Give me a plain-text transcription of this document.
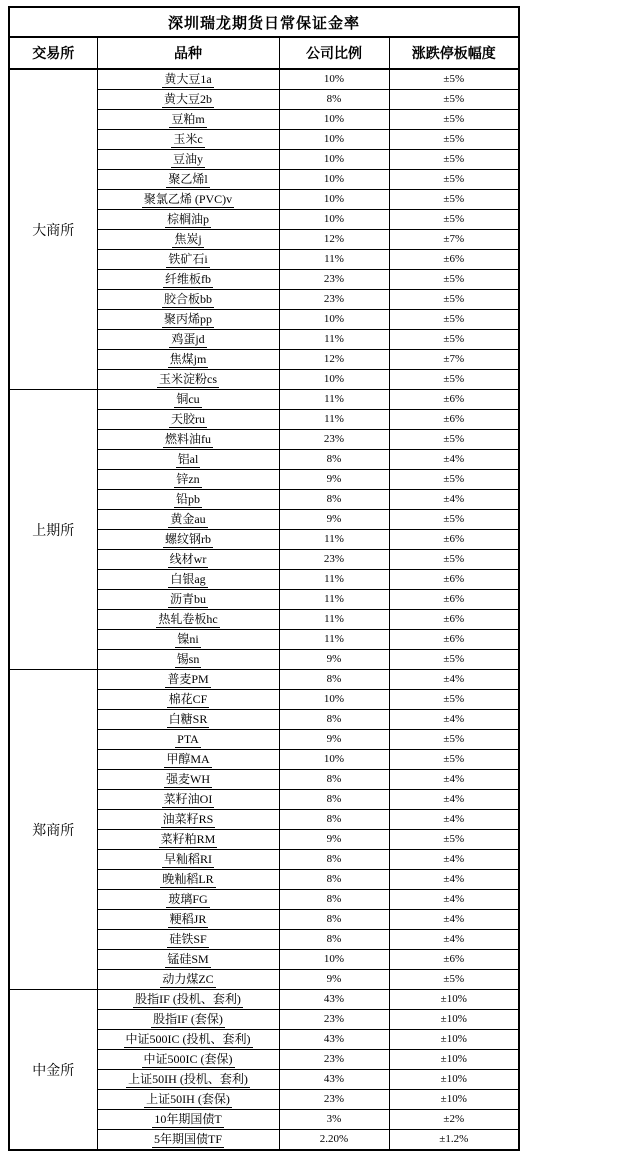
深圳瑞龙期货日常保证金率			
交易所	品种	公司比例	涨跌停板幅度
大商所	黄大豆1a	10%	±5%
	黄大豆2b	8%	±5%
	豆粕m	10%	±5%
	玉米c	10%	±5%
	豆油y	10%	±5%
	聚乙烯l	10%	±5%
	聚氯乙烯 (PVC)v	10%	±5%
	棕榈油p	10%	±5%
	焦炭j	12%	±7%
	铁矿石i	11%	±6%
	纤维板fb	23%	±5%
	胶合板bb	23%	±5%
	聚丙烯pp	10%	±5%
	鸡蛋jd	11%	±5%
	焦煤jm	12%	±7%
	玉米淀粉cs	10%	±5%
上期所	铜cu	11%	±6%
	天胶ru	11%	±6%
	燃料油fu	23%	±5%
	铝al	8%	±4%
	锌zn	9%	±5%
	铅pb	8%	±4%
	黄金au	9%	±5%
	螺纹钢rb	11%	±6%
	线材wr	23%	±5%
	白银ag	11%	±6%
	沥青bu	11%	±6%
	热轧卷板hc	11%	±6%
	镍ni	11%	±6%
	锡sn	9%	±5%
郑商所	普麦PM	8%	±4%
	棉花CF	10%	±5%
	白糖SR	8%	±4%
	PTA	9%	±5%
	甲醇MA	10%	±5%
	强麦WH	8%	±4%
	菜籽油OI	8%	±4%
	油菜籽RS	8%	±4%
	菜籽粕RM	9%	±5%
	早籼稻RI	8%	±4%
	晚籼稻LR	8%	±4%
	玻璃FG	8%	±4%
	粳稻JR	8%	±4%
	硅铁SF	8%	±4%
	锰硅SM	10%	±6%
	动力煤ZC	9%	±5%
中金所	股指IF (投机、套利)	43%	±10%
	股指IF (套保)	23%	±10%
	中证500IC (投机、套利)	43%	±10%
	中证500IC (套保)	23%	±10%
	上证50IH (投机、套利)	43%	±10%
	上证50IH (套保)	23%	±10%
	10年期国债T	3%	±2%
	5年期国债TF	2.20%	±1.2%
